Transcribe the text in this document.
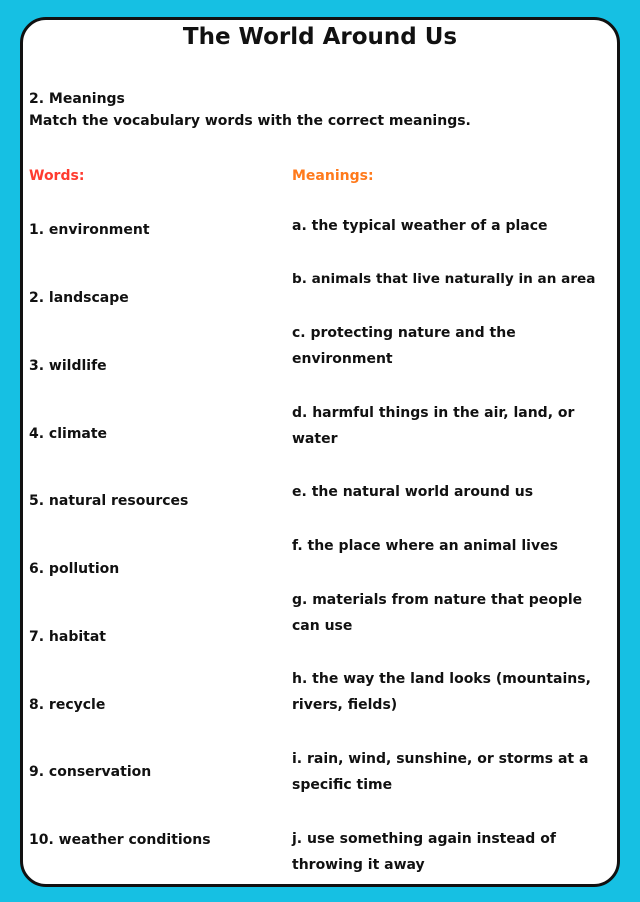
The World Around Us
2. Meanings
Match the vocabulary words with the correct meanings.
Words:	Meanings:
1. environment
2. landscape
3. wildlife
4. climate
5. natural resources
6. pollution
7. habitat
8. recycle
9. conservation
10. weather conditions
a. the typical weather of a place
b. animals that live naturally in an area
c. protecting nature and the environment
d. harmful things in the air, land, or water
e. the natural world around us
f. the place where an animal lives
g. materials from nature that people can use
h. the way the land looks (mountains, rivers, fields)
i. rain, wind, sunshine, or storms at a specific time
j. use something again instead of throwing it away
